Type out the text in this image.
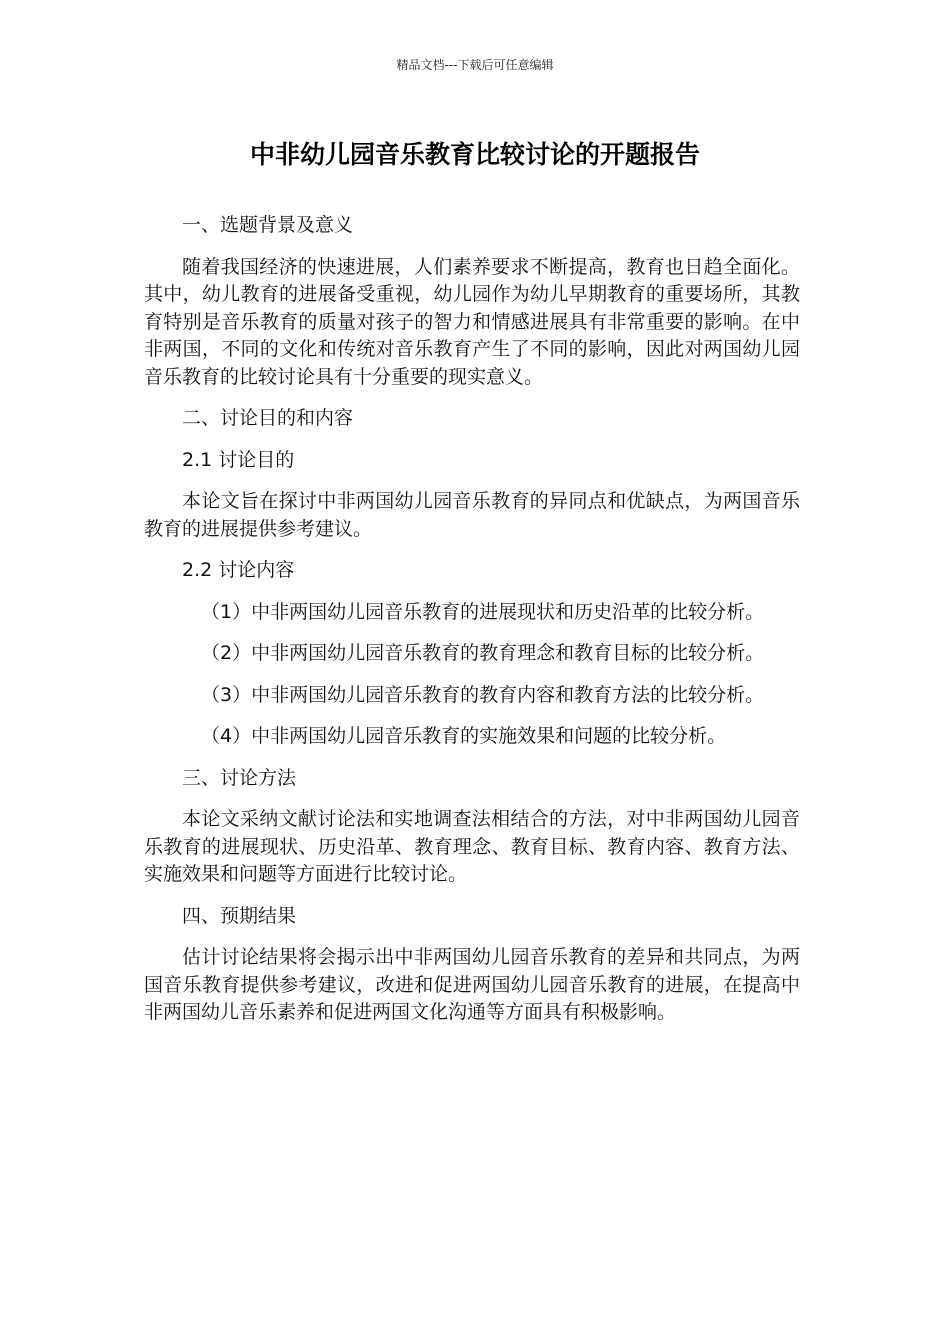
精品文档---下载后可任意编辑
中非幼儿园音乐教育比较讨论的开题报告

一、选题背景及意义

随着我国经济的快速进展，人们素养要求不断提高，教育也日趋全面化。其中，幼儿教育的进展备受重视，幼儿园作为幼儿早期教育的重要场所，其教育特别是音乐教育的质量对孩子的智力和情感进展具有非常重要的影响。在中非两国，不同的文化和传统对音乐教育产生了不同的影响，因此对两国幼儿园音乐教育的比较讨论具有十分重要的现实意义。

二、讨论目的和内容

2.1 讨论目的

本论文旨在探讨中非两国幼儿园音乐教育的异同点和优缺点，为两国音乐教育的进展提供参考建议。

2.2 讨论内容

（1）中非两国幼儿园音乐教育的进展现状和历史沿革的比较分析。

（2）中非两国幼儿园音乐教育的教育理念和教育目标的比较分析。

（3）中非两国幼儿园音乐教育的教育内容和教育方法的比较分析。

（4）中非两国幼儿园音乐教育的实施效果和问题的比较分析。

三、讨论方法

本论文采纳文献讨论法和实地调查法相结合的方法，对中非两国幼儿园音乐教育的进展现状、历史沿革、教育理念、教育目标、教育内容、教育方法、实施效果和问题等方面进行比较讨论。

四、预期结果

估计讨论结果将会揭示出中非两国幼儿园音乐教育的差异和共同点，为两国音乐教育提供参考建议，改进和促进两国幼儿园音乐教育的进展，在提高中非两国幼儿音乐素养和促进两国文化沟通等方面具有积极影响。
